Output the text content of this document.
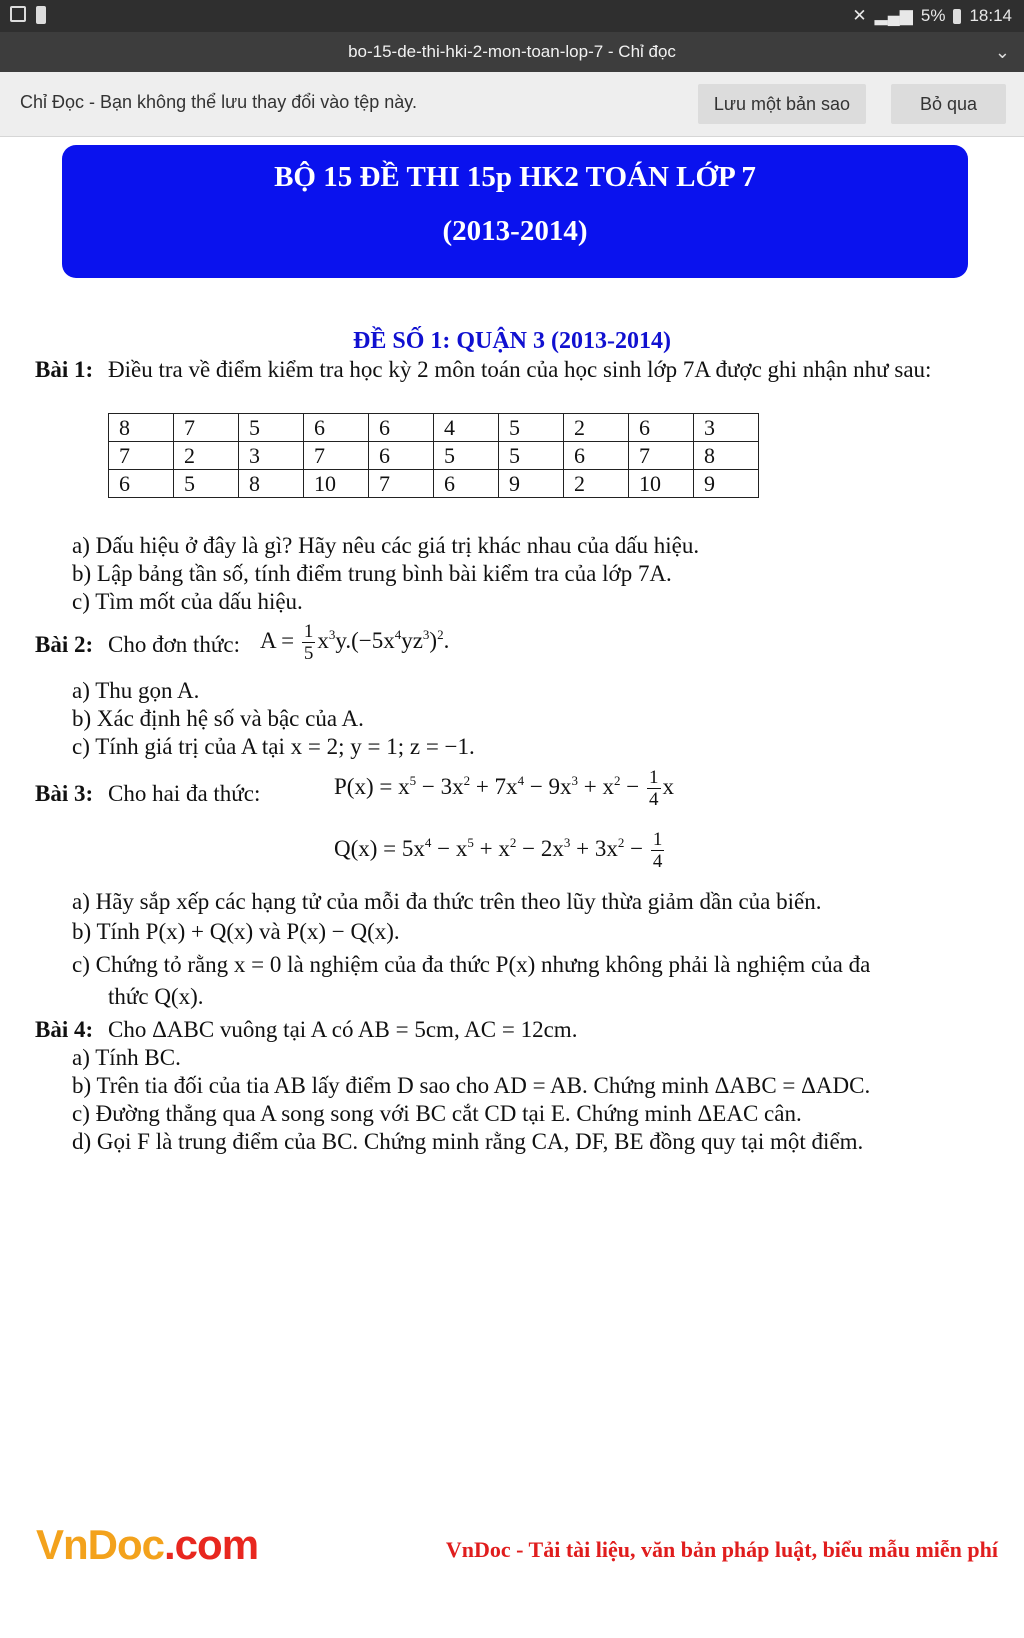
✕ ▂▄▆ 5% 18:14
bo-15-de-thi-hki-2-mon-toan-lop-7 - Chỉ đọc	⌄
Chỉ Đọc - Bạn không thể lưu thay đổi vào tệp này.	Lưu một bản sao	Bỏ qua
BỘ 15 ĐỀ THI 15p HK2 TOÁN LỚP 7
(2013-2014)
ĐỀ SỐ 1: QUẬN 3 (2013-2014)
Bài 1: Điều tra về điểm kiểm tra học kỳ 2 môn toán của học sinh lớp 7A được ghi nhận như sau:
8	7	5	6	6	4	5	2	6	3
7	2	3	7	6	5	5	6	7	8
6	5	8	10	7	6	9	2	10	9
a) Dấu hiệu ở đây là gì? Hãy nêu các giá trị khác nhau của dấu hiệu.
b) Lập bảng tần số, tính điểm trung bình bài kiểm tra của lớp 7A.
c) Tìm mốt của dấu hiệu.
Bài 2: Cho đơn thức: $A = \frac{1}{5} x^3y.(-5x^4yz^3)^2$.
a) Thu gọn A.
b) Xác định hệ số và bậc của A.
c) Tính giá trị của A tại x = 2; y = 1; z = −1.
Bài 3: Cho hai đa thức:	$P(x) = x^5 - 3x^2 + 7x^4 - 9x^3 + x^2 - \frac{1}{4}$ x
$Q(x) = 5x^4 - x^5 + x^2 - 2x^3 + 3x^2 - \frac{1}{4}$
a) Hãy sắp xếp các hạng tử của mỗi đa thức trên theo lũy thừa giảm dần của biến.
b) Tính P(x) + Q(x) và P(x) − Q(x).
c) Chứng tỏ rằng x = 0 là nghiệm của đa thức P(x) nhưng không phải là nghiệm của đa
thức Q(x).
Bài 4: Cho ΔABC vuông tại A có AB = 5cm, AC = 12cm.
a) Tính BC.
b) Trên tia đối của tia AB lấy điểm D sao cho AD = AB. Chứng minh ΔABC = ΔADC.
c) Đường thẳng qua A song song với BC cắt CD tại E. Chứng minh ΔEAC cân.
d) Gọi F là trung điểm của BC. Chứng minh rằng CA, DF, BE đồng quy tại một điểm.
VnDoc.com	VnDoc - Tải tài liệu, văn bản pháp luật, biểu mẫu miễn phí
